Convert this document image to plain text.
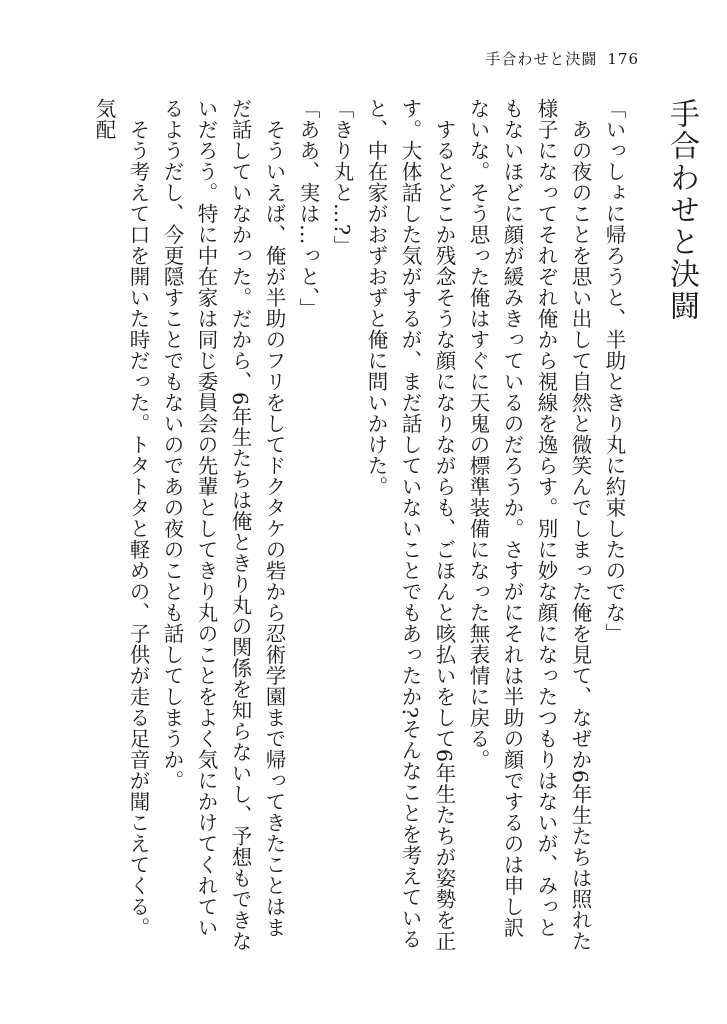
手合わせと決闘 176
手合わせと決闘

「いっしょに帰ろうと、半助ときり丸に約束したのでな」

　あの夜のことを思い出して自然と微笑んでしまった俺を見て、なぜか6年生たちは照れた様子になってそれぞれ俺から視線を逸らす。別に妙な顔になったつもりはないが、みっともないほどに顔が緩みきっているのだろうか。さすがにそれは半助の顔でするのは申し訳ないな。そう思った俺はすぐに天鬼の標準装備になった無表情に戻る。

　するとどこか残念そうな顔になりながらも、ごほんと咳払いをして6年生たちが姿勢を正す。大体話した気がするが、まだ話していないことでもあったか?そんなことを考えていると、中在家がおずおずと俺に問いかけた。

「きり丸と…?」

「ああ、実は…っと、」

　そういえば、俺が半助のフリをしてドクタケの砦から忍術学園まで帰ってきたことはまだ話していなかった。だから、6年生たちは俺ときり丸の関係を知らないし、予想もできないだろう。特に中在家は同じ委員会の先輩としてきり丸のことをよく気にかけてくれているようだし、今更隠すことでもないのであの夜のことも話してしまうか。

　そう考えて口を開いた時だった。トタトタと軽めの、子供が走る足音が聞こえてくる。気配
